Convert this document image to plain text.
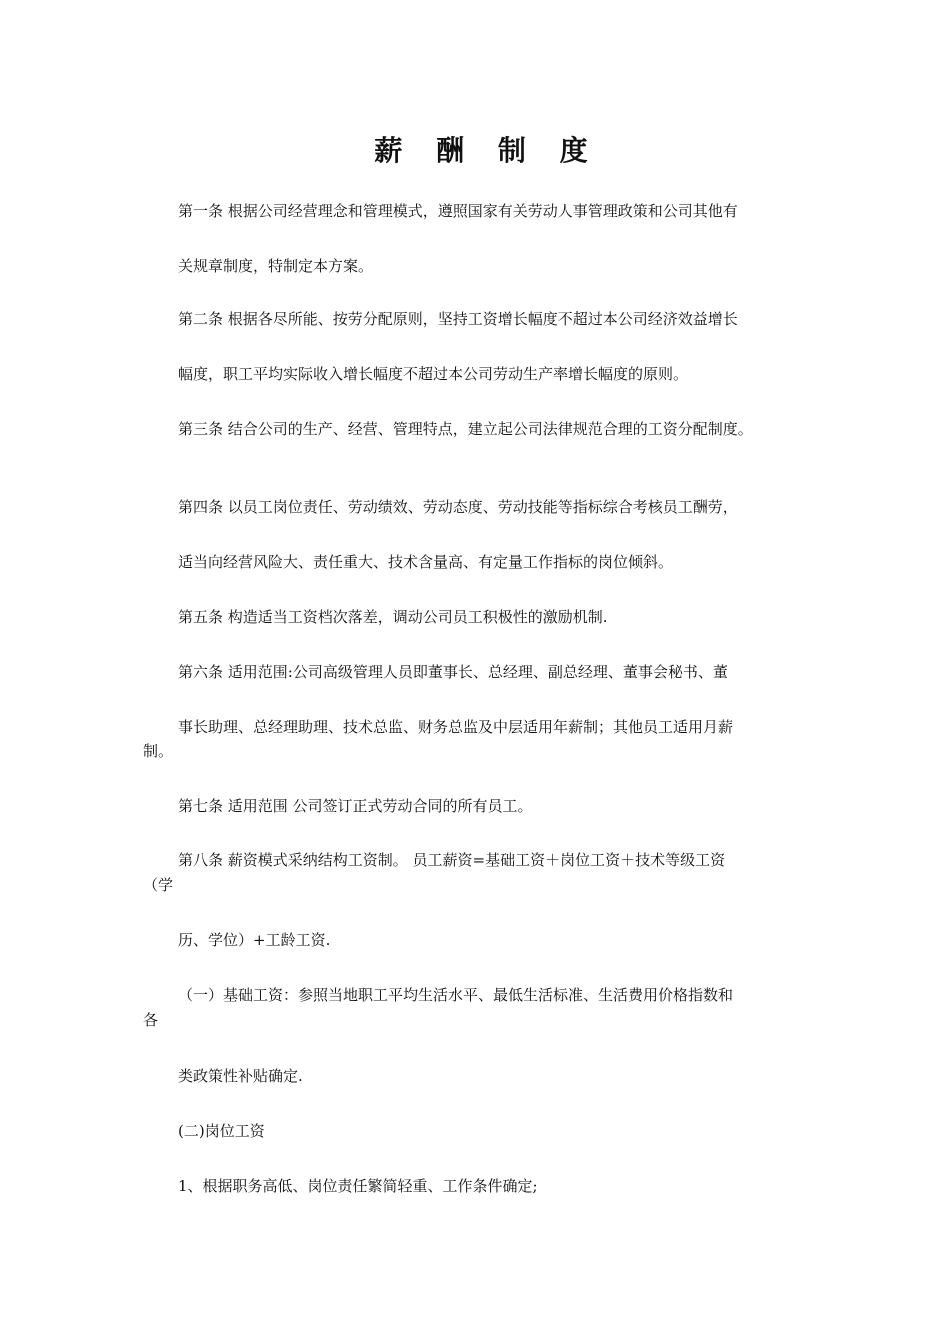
薪 酬 制 度
第一条 根据公司经营理念和管理模式，遵照国家有关劳动人事管理政策和公司其他有
关规章制度，特制定本方案。
第二条 根据各尽所能、按劳分配原则，坚持工资增长幅度不超过本公司经济效益增长
幅度，职工平均实际收入增长幅度不超过本公司劳动生产率增长幅度的原则。
第三条 结合公司的生产、经营、管理特点，建立起公司法律规范合理的工资分配制度。
第四条 以员工岗位责任、劳动绩效、劳动态度、劳动技能等指标综合考核员工酬劳，
适当向经营风险大、责任重大、技术含量高、有定量工作指标的岗位倾斜。
第五条 构造适当工资档次落差，调动公司员工积极性的激励机制.
第六条 适用范围:公司高级管理人员即董事长、总经理、副总经理、董事会秘书、董
事长助理、总经理助理、技术总监、财务总监及中层适用年薪制；其他员工适用月薪
制。
第七条 适用范围 公司签订正式劳动合同的所有员工。
第八条 薪资模式采纳结构工资制。 员工薪资=基础工资＋岗位工资＋技术等级工资
（学
历、学位）+工龄工资.
（一）基础工资：参照当地职工平均生活水平、最低生活标准、生活费用价格指数和
各
类政策性补贴确定.
(二)岗位工资
1、根据职务高低、岗位责任繁简轻重、工作条件确定;
